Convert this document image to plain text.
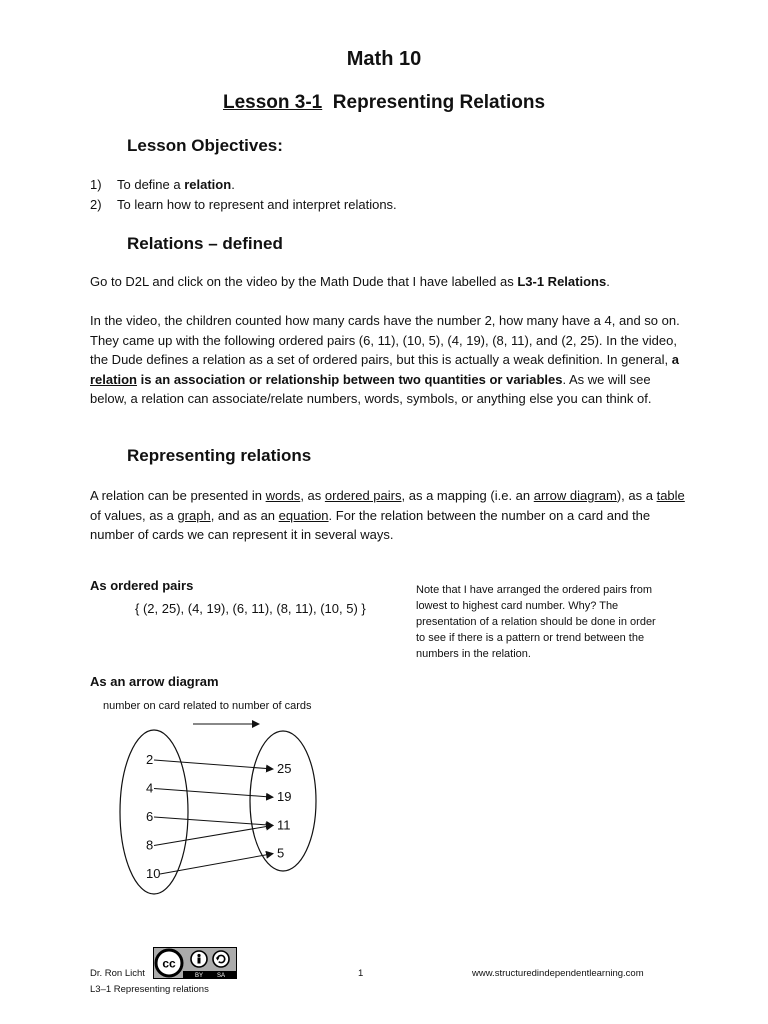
Math 10
Lesson 3-1 Representing Relations
Lesson Objectives:
1) To define a relation.
2) To learn how to represent and interpret relations.
Relations – defined

Go to D2L and click on the video by the Math Dude that I have labelled as L3-1 Relations.

In the video, the children counted how many cards have the number 2, how many have a 4, and so on. They came up with the following ordered pairs (6, 11), (10, 5), (4, 19), (8, 11), and (2, 25). In the video, the Dude defines a relation as a set of ordered pairs, but this is actually a weak definition. In general, a relation is an association or relationship between two quantities or variables. As we will see below, a relation can associate/relate numbers, words, symbols, or anything else you can think of.

Representing relations

A relation can be presented in words, as ordered pairs, as a mapping (i.e. an arrow diagram), as a table of values, as a graph, and as an equation. For the relation between the number on a card and the number of cards we can represent it in several ways.

As ordered pairs
{ (2, 25), (4, 19), (6, 11), (8, 11), (10, 5) }
Note that I have arranged the ordered pairs from lowest to highest card number. Why? The presentation of a relation should be done in order to see if there is a pattern or trend between the numbers in the relation.
As an arrow diagram
number on card related to number of cards
2
4
6
8
10
25
19
11
5
Dr. Ron Licht
L3–1 Representing relations
1	www.structuredindependentlearning.com
cc
BY SA
